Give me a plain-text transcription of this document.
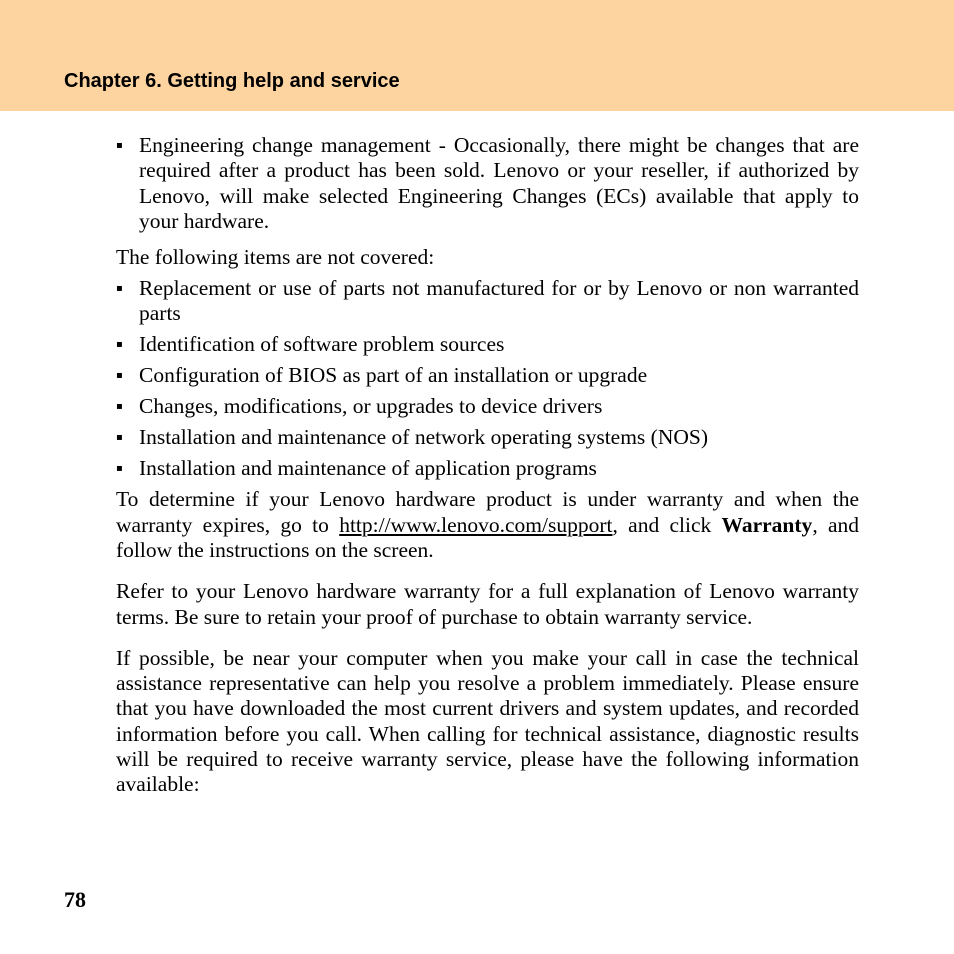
Chapter 6. Getting help and service
▪ Engineering change management - Occasionally, there might be changes that are required after a product has been sold. Lenovo or your reseller, if authorized by Lenovo, will make selected Engineering Changes (ECs) available that apply to your hardware.

The following items are not covered:

▪ Replacement or use of parts not manufactured for or by Lenovo or non warranted parts
▪ Identification of software problem sources
▪ Configuration of BIOS as part of an installation or upgrade
▪ Changes, modifications, or upgrades to device drivers
▪ Installation and maintenance of network operating systems (NOS)
▪ Installation and maintenance of application programs

To determine if your Lenovo hardware product is under warranty and when the warranty expires, go to http://www.lenovo.com/support, and click Warranty, and follow the instructions on the screen.

Refer to your Lenovo hardware warranty for a full explanation of Lenovo warranty terms. Be sure to retain your proof of purchase to obtain warranty service.

If possible, be near your computer when you make your call in case the technical assistance representative can help you resolve a problem immediately. Please ensure that you have downloaded the most current drivers and system updates, and recorded information before you call. When calling for technical assistance, diagnostic results will be required to receive warranty service, please have the following information available:

78
